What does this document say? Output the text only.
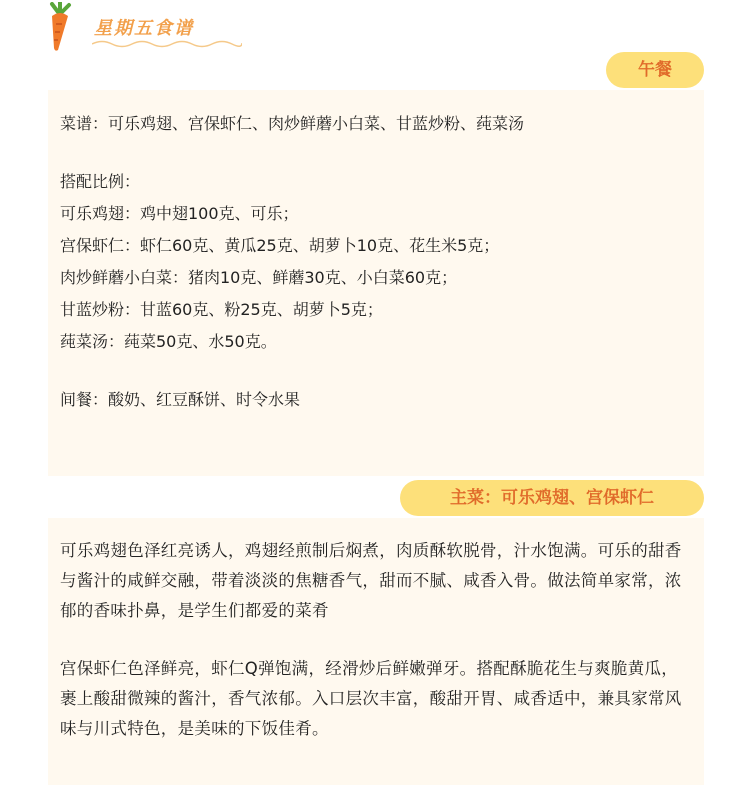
星期五食谱
午餐
菜谱：可乐鸡翅、宫保虾仁、肉炒鲜蘑小白菜、甘蓝炒粉、莼菜汤
搭配比例：
可乐鸡翅：鸡中翅100克、可乐；
宫保虾仁：虾仁60克、黄瓜25克、胡萝卜10克、花生米5克；
肉炒鲜蘑小白菜：猪肉10克、鲜蘑30克、小白菜60克；
甘蓝炒粉：甘蓝60克、粉25克、胡萝卜5克；
莼菜汤：莼菜50克、水50克。
间餐：酸奶、红豆酥饼、时令水果
主菜：可乐鸡翅、宫保虾仁
可乐鸡翅色泽红亮诱人，鸡翅经煎制后焖煮，肉质酥软脱骨，汁水饱满。可乐的甜香与酱汁的咸鲜交融，带着淡淡的焦糖香气，甜而不腻、咸香入骨。做法简单家常，浓郁的香味扑鼻，是学生们都爱的菜肴
宫保虾仁色泽鲜亮，虾仁Q弹饱满，经滑炒后鲜嫩弹牙。搭配酥脆花生与爽脆黄瓜，裹上酸甜微辣的酱汁，香气浓郁。入口层次丰富，酸甜开胃、咸香适中，兼具家常风味与川式特色，是美味的下饭佳肴。
